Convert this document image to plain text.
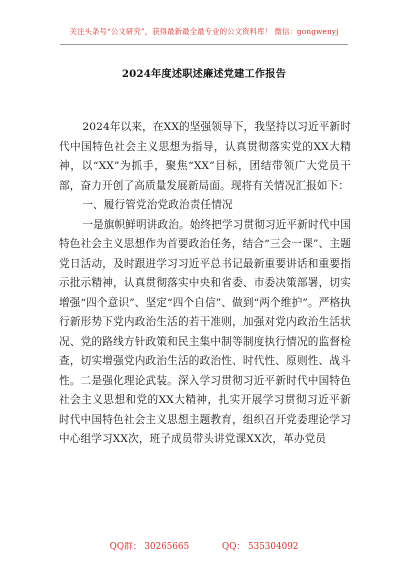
关注头条号“公文研究”，获得最新最全最专业的公文资料库！ 微信：gongwenyj
2024年度述职述廉述党建工作报告

2024年以来，在XX的坚强领导下，我坚持以习近平新时代中国特色社会主义思想为指导，认真贯彻落实党的XX大精神，以“XX”为抓手，聚焦“XX”目标，团结带领广大党员干部，奋力开创了高质量发展新局面。现将有关情况汇报如下：

一、履行管党治党政治责任情况

一是旗帜鲜明讲政治。始终把学习贯彻习近平新时代中国特色社会主义思想作为首要政治任务，结合“三会一课”、主题党日活动，及时跟进学习习近平总书记最新重要讲话和重要指示批示精神，认真贯彻落实中央和省委、市委决策部署，切实增强“四个意识”、坚定“四个自信”、做到“两个维护”。严格执行新形势下党内政治生活的若干准则，加强对党内政治生活状况、党的路线方针政策和民主集中制等制度执行情况的监督检查，切实增强党内政治生活的政治性、时代性、原则性、战斗性。二是强化理论武装。深入学习贯彻习近平新时代中国特色社会主义思想和党的XX大精神，扎实开展学习贯彻习近平新时代中国特色社会主义思想主题教育，组织召开党委理论学习中心组学习XX次，班子成员带头讲党课XX次，革办党员

QQ群： 30265665	QQ： 535304092
